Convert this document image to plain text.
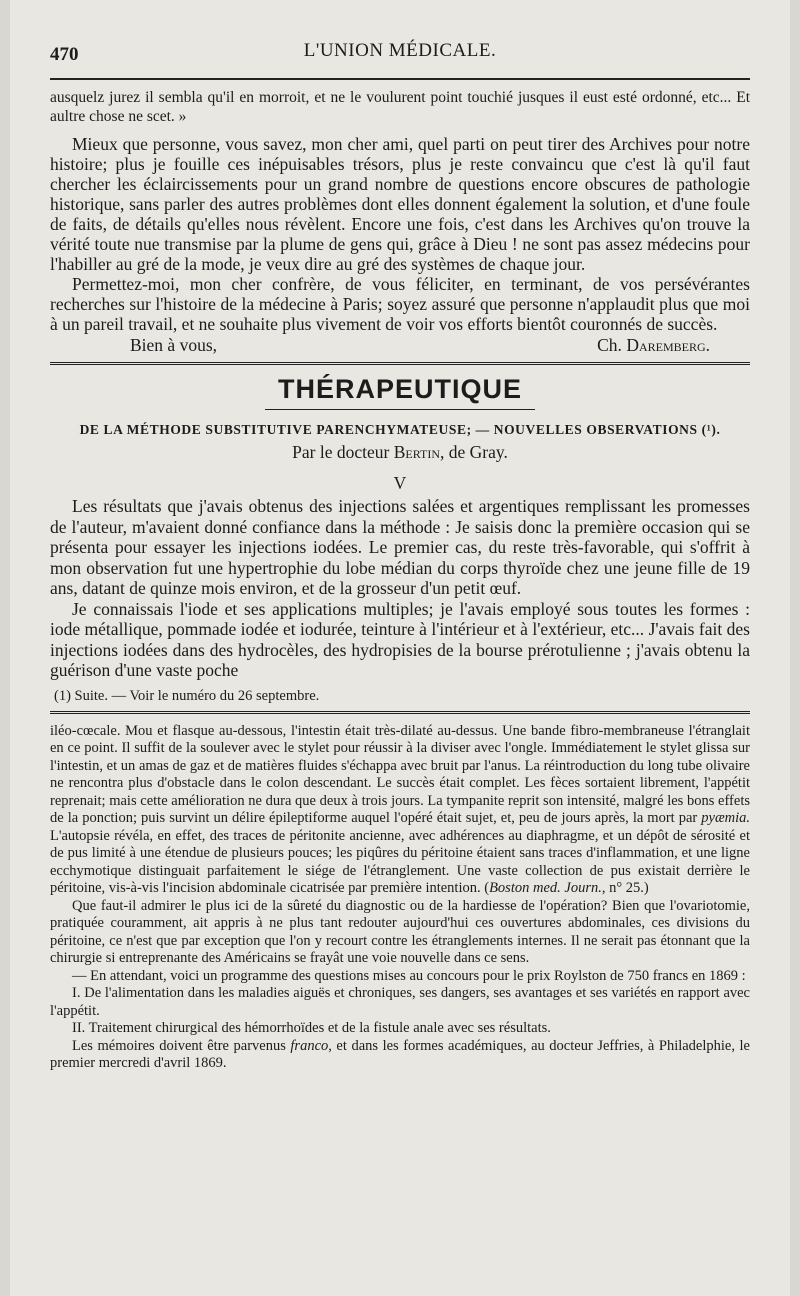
470	L'UNION MÉDICALE.

ausquelz jurez il sembla qu'il en morroit, et ne le voulurent point touchié jusques il eust esté ordonné, etc... Et aultre chose ne scet. »

Mieux que personne, vous savez, mon cher ami, quel parti on peut tirer des Archives pour notre histoire; plus je fouille ces inépuisables trésors, plus je reste convaincu que c'est là qu'il faut chercher les éclaircissements pour un grand nombre de questions encore obscures de pathologie historique, sans parler des autres problèmes dont elles donnent également la solution, et d'une foule de faits, de détails qu'elles nous révèlent. Encore une fois, c'est dans les Archives qu'on trouve la vérité toute nue transmise par la plume de gens qui, grâce à Dieu ! ne sont pas assez médecins pour l'habiller au gré de la mode, je veux dire au gré des systèmes de chaque jour.

Permettez-moi, mon cher confrère, de vous féliciter, en terminant, de vos persévérantes recherches sur l'histoire de la médecine à Paris; soyez assuré que personne n'applaudit plus que moi à un pareil travail, et ne souhaite plus vivement de voir vos efforts bientôt couronnés de succès.

Bien à vous,	Ch. Daremberg.
THÉRAPEUTIQUE
DE LA MÉTHODE SUBSTITUTIVE PARENCHYMATEUSE; — NOUVELLES OBSERVATIONS (¹).
Par le docteur Bertin, de Gray.
V

Les résultats que j'avais obtenus des injections salées et argentiques remplissant les promesses de l'auteur, m'avaient donné confiance dans la méthode : Je saisis donc la première occasion qui se présenta pour essayer les injections iodées. Le premier cas, du reste très-favorable, qui s'offrit à mon observation fut une hypertrophie du lobe médian du corps thyroïde chez une jeune fille de 19 ans, datant de quinze mois environ, et de la grosseur d'un petit œuf.

Je connaissais l'iode et ses applications multiples; je l'avais employé sous toutes les formes : iode métallique, pommade iodée et iodurée, teinture à l'intérieur et à l'extérieur, etc... J'avais fait des injections iodées dans des hydrocèles, des hydropisies de la bourse prérotulienne ; j'avais obtenu la guérison d'une vaste poche

(1) Suite. — Voir le numéro du 26 septembre.

iléo-cœcale. Mou et flasque au-dessous, l'intestin était très-dilaté au-dessus. Une bande fibro-membraneuse l'étranglait en ce point. Il suffit de la soulever avec le stylet pour réussir à la diviser avec l'ongle. Immédiatement le stylet glissa sur l'intestin, et un amas de gaz et de matières fluides s'échappa avec bruit par l'anus. La réintroduction du long tube olivaire ne rencontra plus d'obstacle dans le colon descendant. Le succès était complet. Les fèces sortaient librement, l'appétit reprenait; mais cette amélioration ne dura que deux à trois jours. La tympanite reprit son intensité, malgré les bons effets de la ponction; puis survint un délire épileptiforme auquel l'opéré était sujet, et, peu de jours après, la mort par pyæmia. L'autopsie révéla, en effet, des traces de péritonite ancienne, avec adhérences au diaphragme, et un dépôt de sérosité et de pus limité à une étendue de plusieurs pouces; les piqûres du péritoine étaient sans traces d'inflammation, et une ligne ecchymotique distinguait parfaitement le siége de l'étranglement. Une vaste collection de pus existait derrière le péritoine, vis-à-vis l'incision abdominale cicatrisée par première intention. (Boston med. Journ., n° 25.)

Que faut-il admirer le plus ici de la sûreté du diagnostic ou de la hardiesse de l'opération? Bien que l'ovariotomie, pratiquée couramment, ait appris à ne plus tant redouter aujourd'hui ces ouvertures abdominales, ces divisions du péritoine, ce n'est que par exception que l'on y recourt contre les étranglements internes. Il ne serait pas étonnant que la chirurgie si entreprenante des Américains se frayât une voie nouvelle dans ce sens.

— En attendant, voici un programme des questions mises au concours pour le prix Roylston de 750 francs en 1869 :

I. De l'alimentation dans les maladies aiguës et chroniques, ses dangers, ses avantages et ses variétés en rapport avec l'appétit.

II. Traitement chirurgical des hémorrhoïdes et de la fistule anale avec ses résultats.

Les mémoires doivent être parvenus franco, et dans les formes académiques, au docteur Jeffries, à Philadelphie, le premier mercredi d'avril 1869.
